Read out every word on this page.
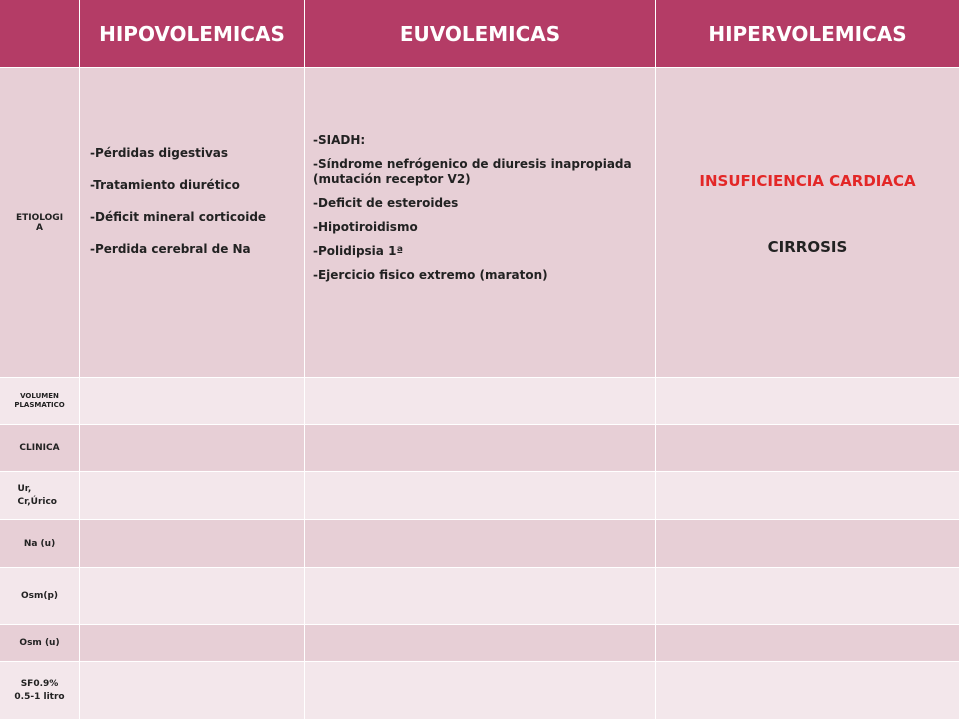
HIPOVOLEMICAS	EUVOLEMICAS	HIPERVOLEMICAS
ETIOLOGIA
-Pérdidas digestivas
-Tratamiento diurético
-Déficit mineral corticoide
-Perdida cerebral de Na
-SIADH:
-Síndrome nefrógenico de diuresis inapropiada (mutación receptor V2)
-Deficit de esteroides
-Hipotiroidismo
-Polidipsia 1ª
-Ejercicio fisico extremo (maraton)
INSUFICIENCIA CARDIACA
CIRROSIS
VOLUMEN PLASMATICO
CLINICA
Ur, Cr,Úrico
Na (u)
Osm(p)
Osm (u)
SF0.9% 0.5-1 litro
